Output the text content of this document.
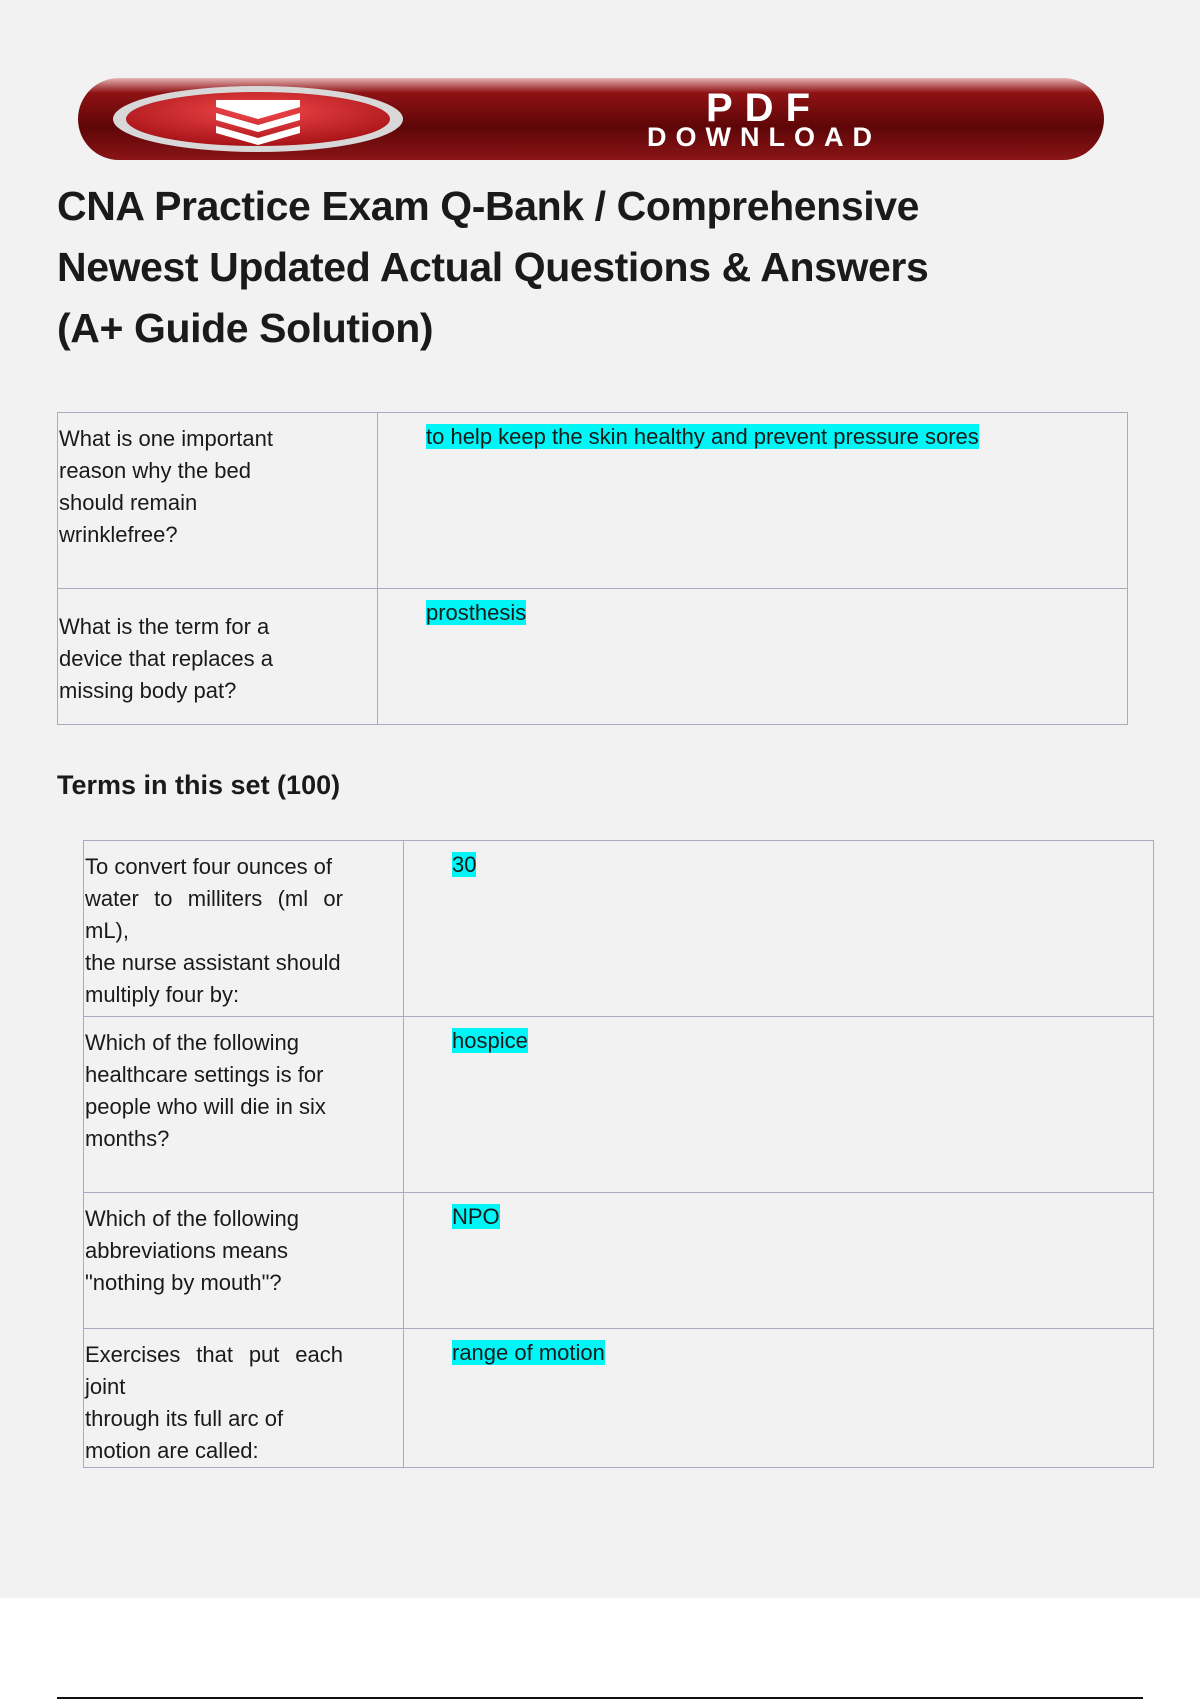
PDF
DOWNLOAD
CNA Practice Exam Q-Bank / Comprehensive
Newest Updated Actual Questions & Answers
(A+ Guide Solution)
What is one important
reason why the bed
should remain
wrinklefree?	to help keep the skin healthy and prevent pressure sores

What is the term for a
device that replaces a
missing body pat?	prosthesis
Terms in this set (100)
To convert four ounces of
water to milliters (ml or mL),
the nurse assistant should
multiply four by:	30

Which of the following
healthcare settings is for
people who will die in six
months?	hospice

Which of the following
abbreviations means
"nothing by mouth"?	NPO

Exercises that put each joint
through its full arc of
motion are called:	range of motion
